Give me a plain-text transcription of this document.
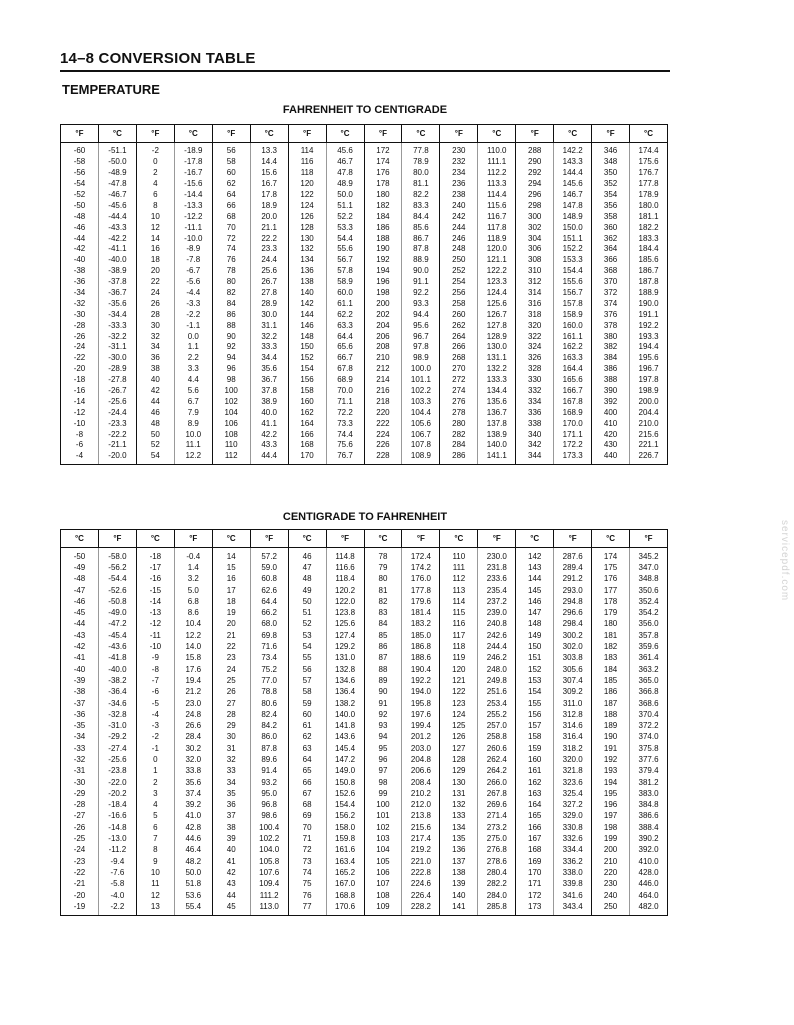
14–8 CONVERSION TABLE
TEMPERATURE
FAHRENHEIT TO CENTIGRADE
°F	°C	°F	°C	°F	°C	°F	°C	°F	°C	°F	°C	°F	°C	°F	°C
-60	-51.1	-2	-18.9	56	13.3	114	45.6	172	77.8	230	110.0	288	142.2	346	174.4
-58	-50.0	0	-17.8	58	14.4	116	46.7	174	78.9	232	111.1	290	143.3	348	175.6
-56	-48.9	2	-16.7	60	15.6	118	47.8	176	80.0	234	112.2	292	144.4	350	176.7
-54	-47.8	4	-15.6	62	16.7	120	48.9	178	81.1	236	113.3	294	145.6	352	177.8
-52	-46.7	6	-14.4	64	17.8	122	50.0	180	82.2	238	114.4	296	146.7	354	178.9
-50	-45.6	8	-13.3	66	18.9	124	51.1	182	83.3	240	115.6	298	147.8	356	180.0
-48	-44.4	10	-12.2	68	20.0	126	52.2	184	84.4	242	116.7	300	148.9	358	181.1
-46	-43.3	12	-11.1	70	21.1	128	53.3	186	85.6	244	117.8	302	150.0	360	182.2
-44	-42.2	14	-10.0	72	22.2	130	54.4	188	86.7	246	118.9	304	151.1	362	183.3
-42	-41.1	16	-8.9	74	23.3	132	55.6	190	87.8	248	120.0	306	152.2	364	184.4
-40	-40.0	18	-7.8	76	24.4	134	56.7	192	88.9	250	121.1	308	153.3	366	185.6
-38	-38.9	20	-6.7	78	25.6	136	57.8	194	90.0	252	122.2	310	154.4	368	186.7
-36	-37.8	22	-5.6	80	26.7	138	58.9	196	91.1	254	123.3	312	155.6	370	187.8
-34	-36.7	24	-4.4	82	27.8	140	60.0	198	92.2	256	124.4	314	156.7	372	188.9
-32	-35.6	26	-3.3	84	28.9	142	61.1	200	93.3	258	125.6	316	157.8	374	190.0
-30	-34.4	28	-2.2	86	30.0	144	62.2	202	94.4	260	126.7	318	158.9	376	191.1
-28	-33.3	30	-1.1	88	31.1	146	63.3	204	95.6	262	127.8	320	160.0	378	192.2
-26	-32.2	32	0.0	90	32.2	148	64.4	206	96.7	264	128.9	322	161.1	380	193.3
-24	-31.1	34	1.1	92	33.3	150	65.6	208	97.8	266	130.0	324	162.2	382	194.4
-22	-30.0	36	2.2	94	34.4	152	66.7	210	98.9	268	131.1	326	163.3	384	195.6
-20	-28.9	38	3.3	96	35.6	154	67.8	212	100.0	270	132.2	328	164.4	386	196.7
-18	-27.8	40	4.4	98	36.7	156	68.9	214	101.1	272	133.3	330	165.6	388	197.8
-16	-26.7	42	5.6	100	37.8	158	70.0	216	102.2	274	134.4	332	166.7	390	198.9
-14	-25.6	44	6.7	102	38.9	160	71.1	218	103.3	276	135.6	334	167.8	392	200.0
-12	-24.4	46	7.9	104	40.0	162	72.2	220	104.4	278	136.7	336	168.9	400	204.4
-10	-23.3	48	8.9	106	41.1	164	73.3	222	105.6	280	137.8	338	170.0	410	210.0
-8	-22.2	50	10.0	108	42.2	166	74.4	224	106.7	282	138.9	340	171.1	420	215.6
-6	-21.1	52	11.1	110	43.3	168	75.6	226	107.8	284	140.0	342	172.2	430	221.1
-4	-20.0	54	12.2	112	44.4	170	76.7	228	108.9	286	141.1	344	173.3	440	226.7
CENTIGRADE TO FAHRENHEIT
°C	°F	°C	°F	°C	°F	°C	°F	°C	°F	°C	°F	°C	°F	°C	°F
-50	-58.0	-18	-0.4	14	57.2	46	114.8	78	172.4	110	230.0	142	287.6	174	345.2
-49	-56.2	-17	1.4	15	59.0	47	116.6	79	174.2	111	231.8	143	289.4	175	347.0
-48	-54.4	-16	3.2	16	60.8	48	118.4	80	176.0	112	233.6	144	291.2	176	348.8
-47	-52.6	-15	5.0	17	62.6	49	120.2	81	177.8	113	235.4	145	293.0	177	350.6
-46	-50.8	-14	6.8	18	64.4	50	122.0	82	179.6	114	237.2	146	294.8	178	352.4
-45	-49.0	-13	8.6	19	66.2	51	123.8	83	181.4	115	239.0	147	296.6	179	354.2
-44	-47.2	-12	10.4	20	68.0	52	125.6	84	183.2	116	240.8	148	298.4	180	356.0
-43	-45.4	-11	12.2	21	69.8	53	127.4	85	185.0	117	242.6	149	300.2	181	357.8
-42	-43.6	-10	14.0	22	71.6	54	129.2	86	186.8	118	244.4	150	302.0	182	359.6
-41	-41.8	-9	15.8	23	73.4	55	131.0	87	188.6	119	246.2	151	303.8	183	361.4
-40	-40.0	-8	17.6	24	75.2	56	132.8	88	190.4	120	248.0	152	305.6	184	363.2
-39	-38.2	-7	19.4	25	77.0	57	134.6	89	192.2	121	249.8	153	307.4	185	365.0
-38	-36.4	-6	21.2	26	78.8	58	136.4	90	194.0	122	251.6	154	309.2	186	366.8
-37	-34.6	-5	23.0	27	80.6	59	138.2	91	195.8	123	253.4	155	311.0	187	368.6
-36	-32.8	-4	24.8	28	82.4	60	140.0	92	197.6	124	255.2	156	312.8	188	370.4
-35	-31.0	-3	26.6	29	84.2	61	141.8	93	199.4	125	257.0	157	314.6	189	372.2
-34	-29.2	-2	28.4	30	86.0	62	143.6	94	201.2	126	258.8	158	316.4	190	374.0
-33	-27.4	-1	30.2	31	87.8	63	145.4	95	203.0	127	260.6	159	318.2	191	375.8
-32	-25.6	0	32.0	32	89.6	64	147.2	96	204.8	128	262.4	160	320.0	192	377.6
-31	-23.8	1	33.8	33	91.4	65	149.0	97	206.6	129	264.2	161	321.8	193	379.4
-30	-22.0	2	35.6	34	93.2	66	150.8	98	208.4	130	266.0	162	323.6	194	381.2
-29	-20.2	3	37.4	35	95.0	67	152.6	99	210.2	131	267.8	163	325.4	195	383.0
-28	-18.4	4	39.2	36	96.8	68	154.4	100	212.0	132	269.6	164	327.2	196	384.8
-27	-16.6	5	41.0	37	98.6	69	156.2	101	213.8	133	271.4	165	329.0	197	386.6
-26	-14.8	6	42.8	38	100.4	70	158.0	102	215.6	134	273.2	166	330.8	198	388.4
-25	-13.0	7	44.6	39	102.2	71	159.8	103	217.4	135	275.0	167	332.6	199	390.2
-24	-11.2	8	46.4	40	104.0	72	161.6	104	219.2	136	276.8	168	334.4	200	392.0
-23	-9.4	9	48.2	41	105.8	73	163.4	105	221.0	137	278.6	169	336.2	210	410.0
-22	-7.6	10	50.0	42	107.6	74	165.2	106	222.8	138	280.4	170	338.0	220	428.0
-21	-5.8	11	51.8	43	109.4	75	167.0	107	224.6	139	282.2	171	339.8	230	446.0
-20	-4.0	12	53.6	44	111.2	76	168.8	108	226.4	140	284.0	172	341.6	240	464.0
-19	-2.2	13	55.4	45	113.0	77	170.6	109	228.2	141	285.8	173	343.4	250	482.0
servicepdf.com
